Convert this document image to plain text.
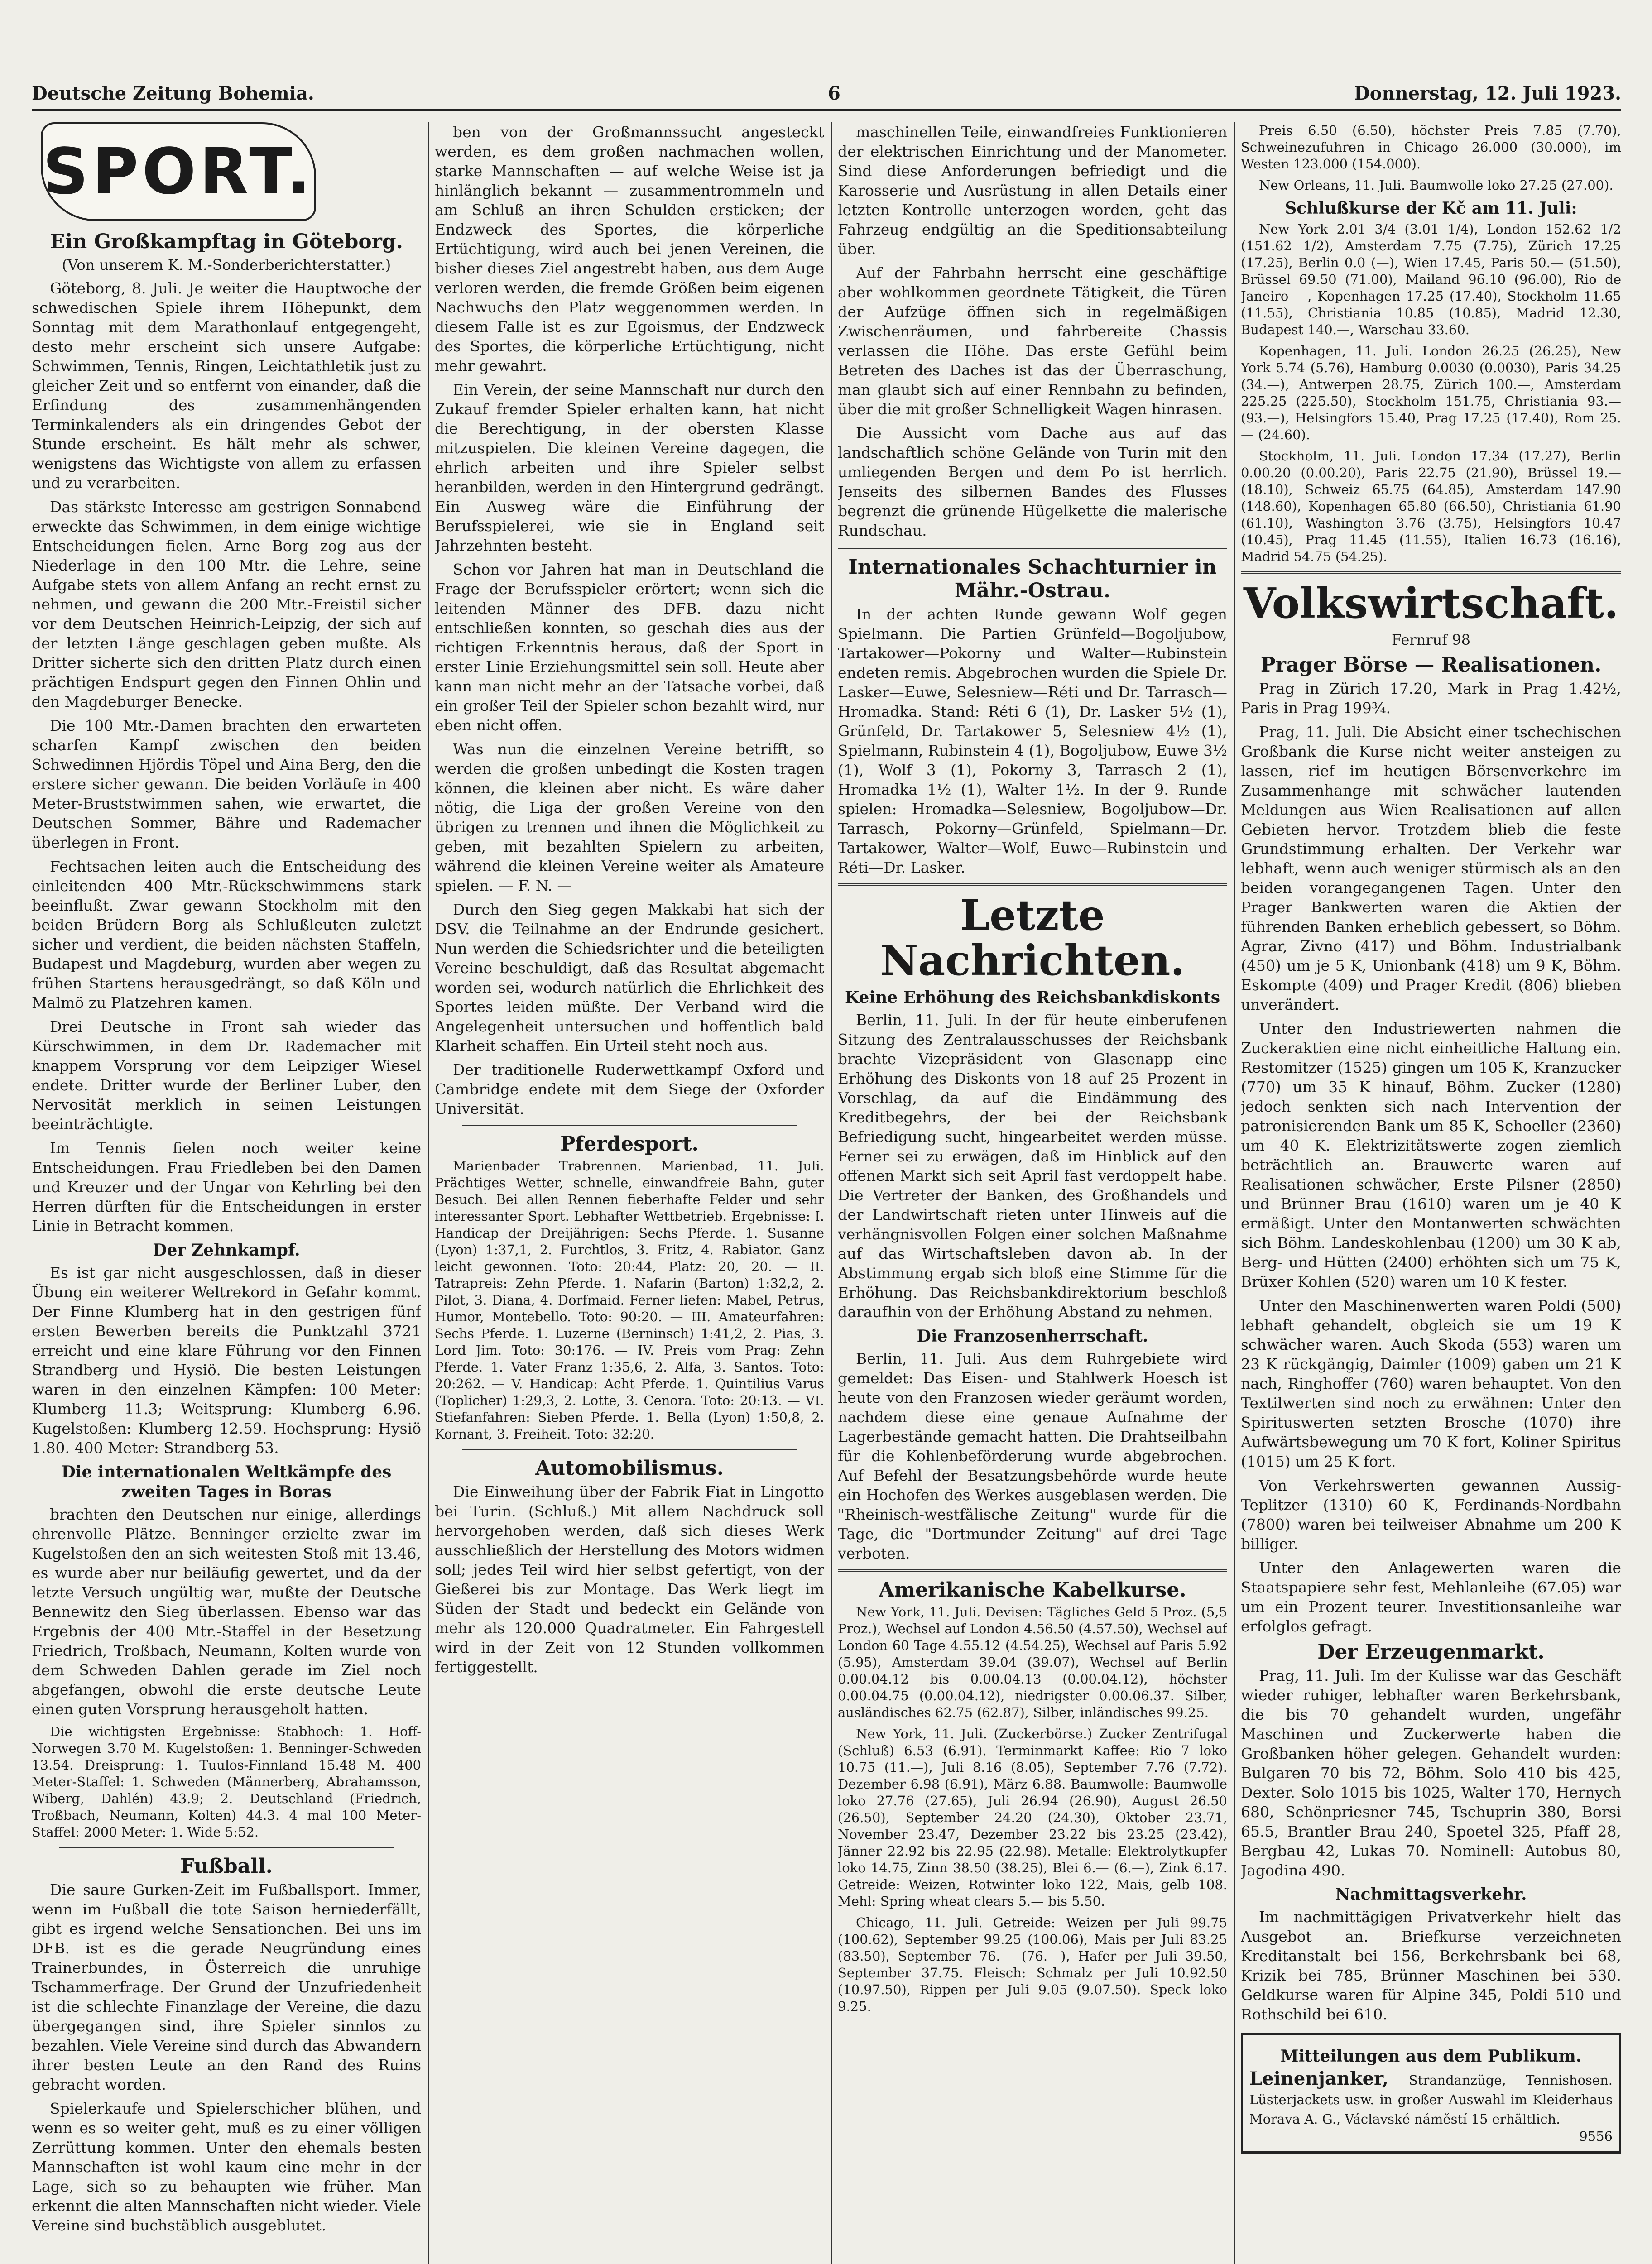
Deutsche Zeitung Bohemia.	6	Donnerstag, 12. Juli 1923.
SPORT.
Ein Großkampftag in Göteborg.
(Von unserem K. M.-Sonderberichterstatter.)

Göteborg, 8. Juli. Je weiter die Hauptwoche der schwedischen Spiele ihrem Höhepunkt, dem Sonntag mit dem Marathonlauf entgegengeht, desto mehr erscheint sich unsere Aufgabe: Schwimmen, Tennis, Ringen, Leichtathletik just zu gleicher Zeit und so entfernt von einander, daß die Erfindung des zusammenhängenden Terminkalenders als ein dringendes Gebot der Stunde erscheint. Es hält mehr als schwer, wenigstens das Wichtigste von allem zu erfassen und zu verarbeiten.

Das stärkste Interesse am gestrigen Sonnabend erweckte das Schwimmen, in dem einige wichtige Entscheidungen fielen. Arne Borg zog aus der Niederlage in den 100 Mtr. die Lehre, seine Aufgabe stets von allem Anfang an recht ernst zu nehmen, und gewann die 200 Mtr.-Freistil sicher vor dem Deutschen Heinrich-Leipzig, der sich auf der letzten Länge geschlagen geben mußte. Als Dritter sicherte sich den dritten Platz durch einen prächtigen Endspurt gegen den Finnen Ohlin und den Magdeburger Benecke.

Die 100 Mtr.-Damen brachten den erwarteten scharfen Kampf zwischen den beiden Schwedinnen Hjördis Töpel und Aina Berg, den die erstere sicher gewann. Die beiden Vorläufe in 400 Meter-Bruststwimmen sahen, wie erwartet, die Deutschen Sommer, Bähre und Rademacher überlegen in Front.

Fechtsachen leiten auch die Entscheidung des einleitenden 400 Mtr.-Rückschwimmens stark beeinflußt. Zwar gewann Stockholm mit den beiden Brüdern Borg als Schlußleuten zuletzt sicher und verdient, die beiden nächsten Staffeln, Budapest und Magdeburg, wurden aber wegen zu frühen Startens herausgedrängt, so daß Köln und Malmö zu Platzehren kamen.

Drei Deutsche in Front sah wieder das Kürschwimmen, in dem Dr. Rademacher mit knappem Vorsprung vor dem Leipziger Wiesel endete. Dritter wurde der Berliner Luber, den Nervosität merklich in seinen Leistungen beeinträchtigte.

Im Tennis fielen noch weiter keine Entscheidungen. Frau Friedleben bei den Damen und Kreuzer und der Ungar von Kehrling bei den Herren dürften für die Entscheidungen in erster Linie in Betracht kommen.

Der Zehnkampf.

Es ist gar nicht ausgeschlossen, daß in dieser Übung ein weiterer Weltrekord in Gefahr kommt. Der Finne Klumberg hat in den gestrigen fünf ersten Bewerben bereits die Punktzahl 3721 erreicht und eine klare Führung vor den Finnen Strandberg und Hysiö. Die besten Leistungen waren in den einzelnen Kämpfen: 100 Meter: Klumberg 11.3; Weitsprung: Klumberg 6.96. Kugelstoßen: Klumberg 12.59. Hochsprung: Hysiö 1.80. 400 Meter: Strandberg 53.

Die internationalen Weltkämpfe des zweiten Tages in Boras

brachten den Deutschen nur einige, allerdings ehrenvolle Plätze. Benninger erzielte zwar im Kugelstoßen den an sich weitesten Stoß mit 13.46, es wurde aber nur beiläufig gewertet, und da der letzte Versuch ungültig war, mußte der Deutsche Bennewitz den Sieg überlassen. Ebenso war das Ergebnis der 400 Mtr.-Staffel in der Besetzung Friedrich, Troßbach, Neumann, Kolten wurde von dem Schweden Dahlen gerade im Ziel noch abgefangen, obwohl die erste deutsche Leute einen guten Vorsprung herausgeholt hatten.

Die wichtigsten Ergebnisse: Stabhoch: 1. Hoff-Norwegen 3.70 M. Kugelstoßen: 1. Benninger-Schweden 13.54. Dreisprung: 1. Tuulos-Finnland 15.48 M. 400 Meter-Staffel: 1. Schweden (Männerberg, Abrahamsson, Wiberg, Dahlén) 43.9; 2. Deutschland (Friedrich, Troßbach, Neumann, Kolten) 44.3. 4 mal 100 Meter-Staffel: 2000 Meter: 1. Wide 5:52.

Fußball.

Die saure Gurken-Zeit im Fußballsport. Immer, wenn im Fußball die tote Saison herniederfällt, gibt es irgend welche Sensationchen. Bei uns im DFB. ist es die gerade Neugründung eines Trainerbundes, in Österreich die unruhige Tschammerfrage. Der Grund der Unzufriedenheit ist die schlechte Finanzlage der Vereine, die dazu übergegangen sind, ihre Spieler sinnlos zu bezahlen. Viele Vereine sind durch das Abwandern ihrer besten Leute an den Rand des Ruins gebracht worden.

Spielerkaufe und Spielerschicher blühen, und wenn es so weiter geht, muß es zu einer völligen Zerrüttung kommen. Unter den ehemals besten Mannschaften ist wohl kaum eine mehr in der Lage, sich so zu behaupten wie früher. Man erkennt die alten Mannschaften nicht wieder. Viele Vereine sind buchstäblich ausgeblutet.

ben von der Großmannssucht angesteckt werden, es dem großen nachmachen wollen, starke Mannschaften — auf welche Weise ist ja hinlänglich bekannt — zusammentrommeln und am Schluß an ihren Schulden ersticken; der Endzweck des Sportes, die körperliche Ertüchtigung, wird auch bei jenen Vereinen, die bisher dieses Ziel angestrebt haben, aus dem Auge verloren werden, die fremde Größen beim eigenen Nachwuchs den Platz weggenommen werden. In diesem Falle ist es zur Egoismus, der Endzweck des Sportes, die körperliche Ertüchtigung, nicht mehr gewahrt.

Ein Verein, der seine Mannschaft nur durch den Zukauf fremder Spieler erhalten kann, hat nicht die Berechtigung, in der obersten Klasse mitzuspielen. Die kleinen Vereine dagegen, die ehrlich arbeiten und ihre Spieler selbst heranbilden, werden in den Hintergrund gedrängt. Ein Ausweg wäre die Einführung der Berufsspielerei, wie sie in England seit Jahrzehnten besteht.

Schon vor Jahren hat man in Deutschland die Frage der Berufsspieler erörtert; wenn sich die leitenden Männer des DFB. dazu nicht entschließen konnten, so geschah dies aus der richtigen Erkenntnis heraus, daß der Sport in erster Linie Erziehungsmittel sein soll. Heute aber kann man nicht mehr an der Tatsache vorbei, daß ein großer Teil der Spieler schon bezahlt wird, nur eben nicht offen.

Was nun die einzelnen Vereine betrifft, so werden die großen unbedingt die Kosten tragen können, die kleinen aber nicht. Es wäre daher nötig, die Liga der großen Vereine von den übrigen zu trennen und ihnen die Möglichkeit zu geben, mit bezahlten Spielern zu arbeiten, während die kleinen Vereine weiter als Amateure spielen. — F. N. —

Durch den Sieg gegen Makkabi hat sich der DSV. die Teilnahme an der Endrunde gesichert. Nun werden die Schiedsrichter und die beteiligten Vereine beschuldigt, daß das Resultat abgemacht worden sei, wodurch natürlich die Ehrlichkeit des Sportes leiden müßte. Der Verband wird die Angelegenheit untersuchen und hoffentlich bald Klarheit schaffen. Ein Urteil steht noch aus.

Der traditionelle Ruderwettkampf Oxford und Cambridge endete mit dem Siege der Oxforder Universität.

Pferdesport.

Marienbader Trabrennen. Marienbad, 11. Juli. Prächtiges Wetter, schnelle, einwandfreie Bahn, guter Besuch. Bei allen Rennen fieberhafte Felder und sehr interessanter Sport. Lebhafter Wettbetrieb. Ergebnisse: I. Handicap der Dreijährigen: Sechs Pferde. 1. Susanne (Lyon) 1:37,1, 2. Furchtlos, 3. Fritz, 4. Rabiator. Ganz leicht gewonnen. Toto: 20:44, Platz: 20, 20. — II. Tatrapreis: Zehn Pferde. 1. Nafarin (Barton) 1:32,2, 2. Pilot, 3. Diana, 4. Dorfmaid. Ferner liefen: Mabel, Petrus, Humor, Montebello. Toto: 90:20. — III. Amateurfahren: Sechs Pferde. 1. Luzerne (Berninsch) 1:41,2, 2. Pias, 3. Lord Jim. Toto: 30:176. — IV. Preis vom Prag: Zehn Pferde. 1. Vater Franz 1:35,6, 2. Alfa, 3. Santos. Toto: 20:262. — V. Handicap: Acht Pferde. 1. Quintilius Varus (Toplicher) 1:29,3, 2. Lotte, 3. Cenora. Toto: 20:13. — VI. Stiefanfahren: Sieben Pferde. 1. Bella (Lyon) 1:50,8, 2. Kornant, 3. Freiheit. Toto: 32:20.

Automobilismus.

Die Einweihung über der Fabrik Fiat in Lingotto bei Turin. (Schluß.) Mit allem Nachdruck soll hervorgehoben werden, daß sich dieses Werk ausschließlich der Herstellung des Motors widmen soll; jedes Teil wird hier selbst gefertigt, von der Gießerei bis zur Montage. Das Werk liegt im Süden der Stadt und bedeckt ein Gelände von mehr als 120.000 Quadratmeter. Ein Fahrgestell wird in der Zeit von 12 Stunden vollkommen fertiggestellt.

maschinellen Teile, einwandfreies Funktionieren der elektrischen Einrichtung und der Manometer. Sind diese Anforderungen befriedigt und die Karosserie und Ausrüstung in allen Details einer letzten Kontrolle unterzogen worden, geht das Fahrzeug endgültig an die Speditionsabteilung über.

Auf der Fahrbahn herrscht eine geschäftige aber wohlkommen geordnete Tätigkeit, die Türen der Aufzüge öffnen sich in regelmäßigen Zwischenräumen, und fahrbereite Chassis verlassen die Höhe. Das erste Gefühl beim Betreten des Daches ist das der Überraschung, man glaubt sich auf einer Rennbahn zu befinden, über die mit großer Schnelligkeit Wagen hinrasen.

Die Aussicht vom Dache aus auf das landschaftlich schöne Gelände von Turin mit den umliegenden Bergen und dem Po ist herrlich. Jenseits des silbernen Bandes des Flusses begrenzt die grünende Hügelkette die malerische Rundschau.

Internationales Schachturnier in Mähr.-Ostrau.

In der achten Runde gewann Wolf gegen Spielmann. Die Partien Grünfeld—Bogoljubow, Tartakower—Pokorny und Walter—Rubinstein endeten remis. Abgebrochen wurden die Spiele Dr. Lasker—Euwe, Selesniew—Réti und Dr. Tarrasch—Hromadka. Stand: Réti 6 (1), Dr. Lasker 5½ (1), Grünfeld, Dr. Tartakower 5, Selesniew 4½ (1), Spielmann, Rubinstein 4 (1), Bogoljubow, Euwe 3½ (1), Wolf 3 (1), Pokorny 3, Tarrasch 2 (1), Hromadka 1½ (1), Walter 1½. In der 9. Runde spielen: Hromadka—Selesniew, Bogoljubow—Dr. Tarrasch, Pokorny—Grünfeld, Spielmann—Dr. Tartakower, Walter—Wolf, Euwe—Rubinstein und Réti—Dr. Lasker.

Letzte Nachrichten.
Keine Erhöhung des Reichsbankdiskonts

Berlin, 11. Juli. In der für heute einberufenen Sitzung des Zentralausschusses der Reichsbank brachte Vizepräsident von Glasenapp eine Erhöhung des Diskonts von 18 auf 25 Prozent in Vorschlag, da auf die Eindämmung des Kreditbegehrs, der bei der Reichsbank Befriedigung sucht, hingearbeitet werden müsse. Ferner sei zu erwägen, daß im Hinblick auf den offenen Markt sich seit April fast verdoppelt habe. Die Vertreter der Banken, des Großhandels und der Landwirtschaft rieten unter Hinweis auf die verhängnisvollen Folgen einer solchen Maßnahme auf das Wirtschaftsleben davon ab. In der Abstimmung ergab sich bloß eine Stimme für die Erhöhung. Das Reichsbankdirektorium beschloß daraufhin von der Erhöhung Abstand zu nehmen.

Die Franzosenherrschaft.

Berlin, 11. Juli. Aus dem Ruhrgebiete wird gemeldet: Das Eisen- und Stahlwerk Hoesch ist heute von den Franzosen wieder geräumt worden, nachdem diese eine genaue Aufnahme der Lagerbestände gemacht hatten. Die Drahtseilbahn für die Kohlenbeförderung wurde abgebrochen. Auf Befehl der Besatzungsbehörde wurde heute ein Hochofen des Werkes ausgeblasen werden. Die "Rheinisch-westfälische Zeitung" wurde für die Tage, die "Dortmunder Zeitung" auf drei Tage verboten.

Amerikanische Kabelkurse.

New York, 11. Juli. Devisen: Tägliches Geld 5 Proz. (5,5 Proz.), Wechsel auf London 4.56.50 (4.57.50), Wechsel auf London 60 Tage 4.55.12 (4.54.25), Wechsel auf Paris 5.92 (5.95), Amsterdam 39.04 (39.07), Wechsel auf Berlin 0.00.04.12 bis 0.00.04.13 (0.00.04.12), höchster 0.00.04.75 (0.00.04.12), niedrigster 0.00.06.37. Silber, ausländisches 62.75 (62.87), Silber, inländisches 99.25.

New York, 11. Juli. (Zuckerbörse.) Zucker Zentrifugal (Schluß) 6.53 (6.91). Terminmarkt Kaffee: Rio 7 loko 10.75 (11.—), Juli 8.16 (8.05), September 7.76 (7.72). Dezember 6.98 (6.91), März 6.88. Baumwolle: Baumwolle loko 27.76 (27.65), Juli 26.94 (26.90), August 26.50 (26.50), September 24.20 (24.30), Oktober 23.71, November 23.47, Dezember 23.22 bis 23.25 (23.42), Jänner 22.92 bis 22.95 (22.98). Metalle: Elektrolytkupfer loko 14.75, Zinn 38.50 (38.25), Blei 6.— (6.—), Zink 6.17. Getreide: Weizen, Rotwinter loko 122, Mais, gelb 108. Mehl: Spring wheat clears 5.— bis 5.50.

Chicago, 11. Juli. Getreide: Weizen per Juli 99.75 (100.62), September 99.25 (100.06), Mais per Juli 83.25 (83.50), September 76.— (76.—), Hafer per Juli 39.50, September 37.75. Fleisch: Schmalz per Juli 10.92.50 (10.97.50), Rippen per Juli 9.05 (9.07.50). Speck loko 9.25.

Preis 6.50 (6.50), höchster Preis 7.85 (7.70), Schweinezufuhren in Chicago 26.000 (30.000), im Westen 123.000 (154.000).

New Orleans, 11. Juli. Baumwolle loko 27.25 (27.00).

Schlußkurse der Kč am 11. Juli:

New York 2.01 3/4 (3.01 1/4), London 152.62 1/2 (151.62 1/2), Amsterdam 7.75 (7.75), Zürich 17.25 (17.25), Berlin 0.0 (—), Wien 17.45, Paris 50.— (51.50), Brüssel 69.50 (71.00), Mailand 96.10 (96.00), Rio de Janeiro —, Kopenhagen 17.25 (17.40), Stockholm 11.65 (11.55), Christiania 10.85 (10.85), Madrid 12.30, Budapest 140.—, Warschau 33.60.

Kopenhagen, 11. Juli. London 26.25 (26.25), New York 5.74 (5.76), Hamburg 0.0030 (0.0030), Paris 34.25 (34.—), Antwerpen 28.75, Zürich 100.—, Amsterdam 225.25 (225.50), Stockholm 151.75, Christiania 93.— (93.—), Helsingfors 15.40, Prag 17.25 (17.40), Rom 25.— (24.60).

Stockholm, 11. Juli. London 17.34 (17.27), Berlin 0.00.20 (0.00.20), Paris 22.75 (21.90), Brüssel 19.— (18.10), Schweiz 65.75 (64.85), Amsterdam 147.90 (148.60), Kopenhagen 65.80 (66.50), Christiania 61.90 (61.10), Washington 3.76 (3.75), Helsingfors 10.47 (10.45), Prag 11.45 (11.55), Italien 16.73 (16.16), Madrid 54.75 (54.25).

Volkswirtschaft.
Fernruf 98
Prager Börse — Realisationen.

Prag in Zürich 17.20, Mark in Prag 1.42½, Paris in Prag 199¾.

Prag, 11. Juli. Die Absicht einer tschechischen Großbank die Kurse nicht weiter ansteigen zu lassen, rief im heutigen Börsenverkehre im Zusammenhange mit schwächer lautenden Meldungen aus Wien Realisationen auf allen Gebieten hervor. Trotzdem blieb die feste Grundstimmung erhalten. Der Verkehr war lebhaft, wenn auch weniger stürmisch als an den beiden vorangegangenen Tagen. Unter den Prager Bankwerten waren die Aktien der führenden Banken erheblich gebessert, so Böhm. Agrar, Zivno (417) und Böhm. Industrialbank (450) um je 5 K, Unionbank (418) um 9 K, Böhm. Eskompte (409) und Prager Kredit (806) blieben unverändert.

Unter den Industriewerten nahmen die Zuckeraktien eine nicht einheitliche Haltung ein. Restomitzer (1525) gingen um 105 K, Kranzucker (770) um 35 K hinauf, Böhm. Zucker (1280) jedoch senkten sich nach Intervention der patronisierenden Bank um 85 K, Schoeller (2360) um 40 K. Elektrizitätswerte zogen ziemlich beträchtlich an. Brauwerte waren auf Realisationen schwächer, Erste Pilsner (2850) und Brünner Brau (1610) waren um je 40 K ermäßigt. Unter den Montanwerten schwächten sich Böhm. Landeskohlenbau (1200) um 30 K ab, Berg- und Hütten (2400) erhöhten sich um 75 K, Brüxer Kohlen (520) waren um 10 K fester.

Unter den Maschinenwerten waren Poldi (500) lebhaft gehandelt, obgleich sie um 19 K schwächer waren. Auch Skoda (553) waren um 23 K rückgängig, Daimler (1009) gaben um 21 K nach, Ringhoffer (760) waren behauptet. Von den Textilwerten sind noch zu erwähnen: Unter den Spirituswerten setzten Brosche (1070) ihre Aufwärtsbewegung um 70 K fort, Koliner Spiritus (1015) um 25 K fort.

Von Verkehrswerten gewannen Aussig-Teplitzer (1310) 60 K, Ferdinands-Nordbahn (7800) waren bei teilweiser Abnahme um 200 K billiger.

Unter den Anlagewerten waren die Staatspapiere sehr fest, Mehlanleihe (67.05) war um ein Prozent teurer. Investitionsanleihe war erfolglos gefragt.

Der Erzeugenmarkt.

Prag, 11. Juli. Im der Kulisse war das Geschäft wieder ruhiger, lebhafter waren Berkehrsbank, die bis 70 gehandelt wurden, ungefähr Maschinen und Zuckerwerte haben die Großbanken höher gelegen. Gehandelt wurden: Bulgaren 70 bis 72, Böhm. Solo 410 bis 425, Dexter. Solo 1015 bis 1025, Walter 170, Hernych 680, Schönpriesner 745, Tschuprin 380, Borsi 65.5, Brantler Brau 240, Spoetel 325, Pfaff 28, Bergbau 42, Lukas 70. Nominell: Autobus 80, Jagodina 490.

Nachmittagsverkehr.

Im nachmittägigen Privatverkehr hielt das Ausgebot an. Briefkurse verzeichneten Kreditanstalt bei 156, Berkehrsbank bei 68, Krizik bei 785, Brünner Maschinen bei 530. Geldkurse waren für Alpine 345, Poldi 510 und Rothschild bei 610.

Mitteilungen aus dem Publikum.
Leinenjanker, Strandanzüge, Tennishosen. Lüsterjackets usw. in großer Auswahl im Kleiderhaus Morava A. G., Václavské náměstí 15 erhältlich.
9556
